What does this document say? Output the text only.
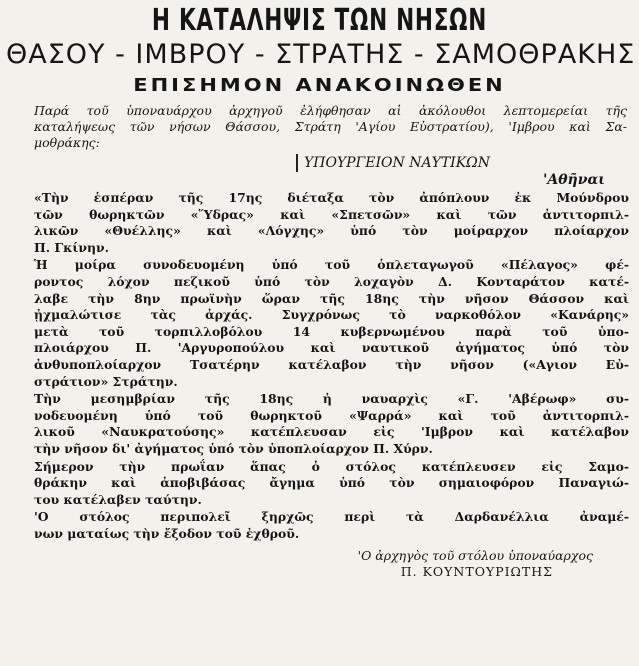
Η ΚΑΤΑΛΗΨΙΣ ΤΩΝ ΝΗΣΩΝ
ΘΑΣΟΥ - ΙΜΒΡΟΥ - ΣΤΡΑΤΗΣ - ΣΑΜΟΘΡΑΚΗΣ
ΕΠΙΣΗΜΟΝ ΑΝΑΚΟΙΝΩΘΕΝ
Παρά τοῦ ὑποναυάρχου ἀρχηγοῦ ἐλήφθησαν αἱ ἀκόλουθοι λεπτομερείαι τῆς
καταλήψεως τῶν νήσων Θάσσου, Στράτη 'Αγίου Εὐστρατίου), 'Ιμβρου καὶ Σα-
μοθράκης:
ΥΠΟΥΡΓΕΙΟΝ ΝΑΥΤΙΚΩΝ
'Αθῆναι

«Τὴν ἑσπέραν τῆς 17ης διέταξα τὸν ἀπόπλουν ἐκ Μούνδρου
τῶν θωρηκτῶν «Ὕδρας» καὶ «Σπετσῶν» καὶ τῶν ἀντιτορπιλ-
λικῶν «Θυέλλης» καὶ «Λόγχης» ὑπό τὸν μοίραρχον πλοίαρχον
Π. Γκίνην.

Ἡ μοίρα συνοδευομένη ὑπό τοῦ ὁπλεταγωγοῦ «Πέλαγος» φέ-
ροντος λόχον πεζικοῦ ὑπό τὸν λοχαγὸν Δ. Κονταράτον κατέ-
λαβε τὴν 8ην πρωϊνὴν ὥραν τῆς 18ης τὴν νῆσον Θάσσον καὶ
ᾐχμαλώτισε τὰς ἀρχάς. Συγχρόνως τὸ ναρκοθόλον «Κανάρης»
μετὰ τοῦ τορπιλλοβόλου 14 κυβερνωμένου παρὰ τοῦ ὑπο-
πλοιάρχου Π. 'Αργυροπούλου καὶ ναυτικοῦ ἀγήματος ὑπό τὸν
ἀνθυποπλοίαρχον Τσατέρην κατέλαβον τὴν νῆσον («Αγιον Εὐ-
στράτιον» Στράτην.

Τὴν μεσημβρίαν τῆς 18ης ἡ ναυαρχὶς «Γ. 'Αβέρωφ» συ-
νοδευομένη ὑπό τοῦ θωρηκτοῦ «Ψαρρά» καὶ τοῦ ἀντιτορπιλ-
λικοῦ «Ναυκρατούσης» κατέπλευσαν εἰς 'Ιμβρον καὶ κατέλαβον
τὴν νῆσον δι' ἀγήματος ὑπό τὸν ὑποπλοίαρχον Π. Χύρν.

Σήμερον τὴν πρωΐαν ἅπας ὁ στόλος κατέπλευσεν εἰς Σαμο-
θράκην καὶ ἀποβιβάσας ἄγημα ὑπό τὸν σημαιοφόρον Παναγιώ-
του κατέλαβεν ταύτην.

'Ο στόλος περιπολεῖ ξηρχῶς περὶ τὰ Δαρδανέλλια ἀναμέ-
νων ματαίως τὴν ἔξοδον τοῦ ἐχθροῦ.

'Ο ἀρχηγὸς τοῦ στόλου ὑποναύαρχος
Π. ΚΟΥΝΤΟΥΡΙΩΤΗΣ
